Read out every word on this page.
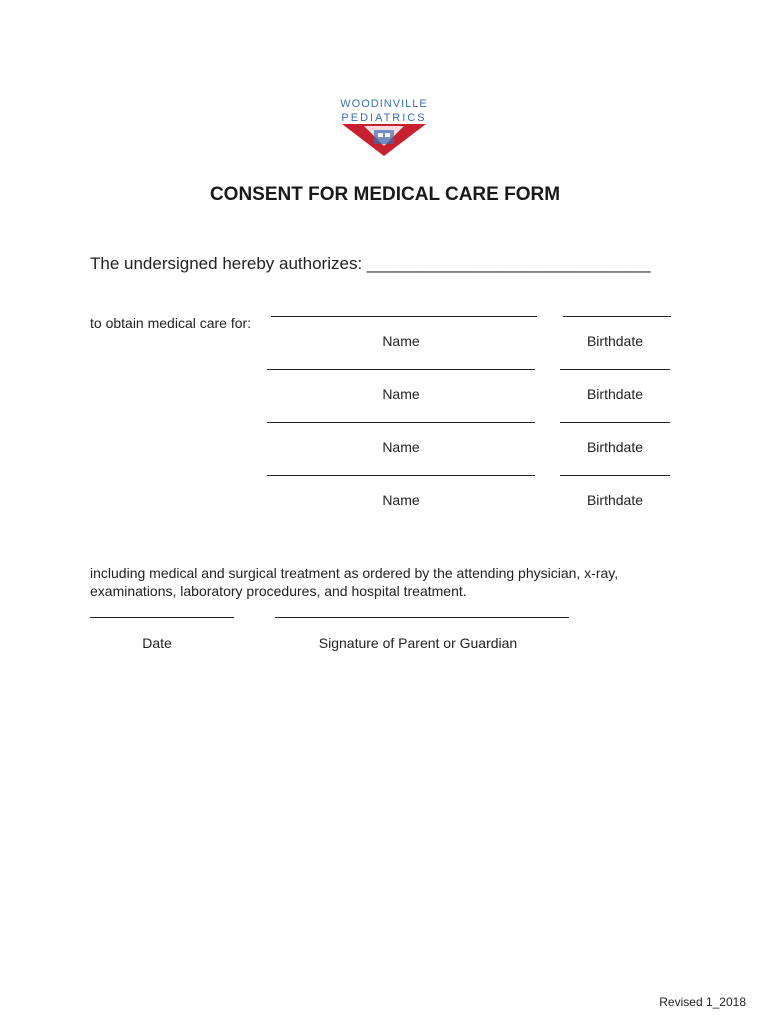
WOODINVILLE
PEDIATRICS
CONSENT FOR MEDICAL CARE FORM
The undersigned hereby authorizes: ______________________________
to obtain medical care for:
Name	Birthdate
Name	Birthdate
Name	Birthdate
Name	Birthdate
including medical and surgical treatment as ordered by the attending physician, x-ray, examinations, laboratory procedures, and hospital treatment.
Date	Signature of Parent or Guardian
Revised 1_2018
